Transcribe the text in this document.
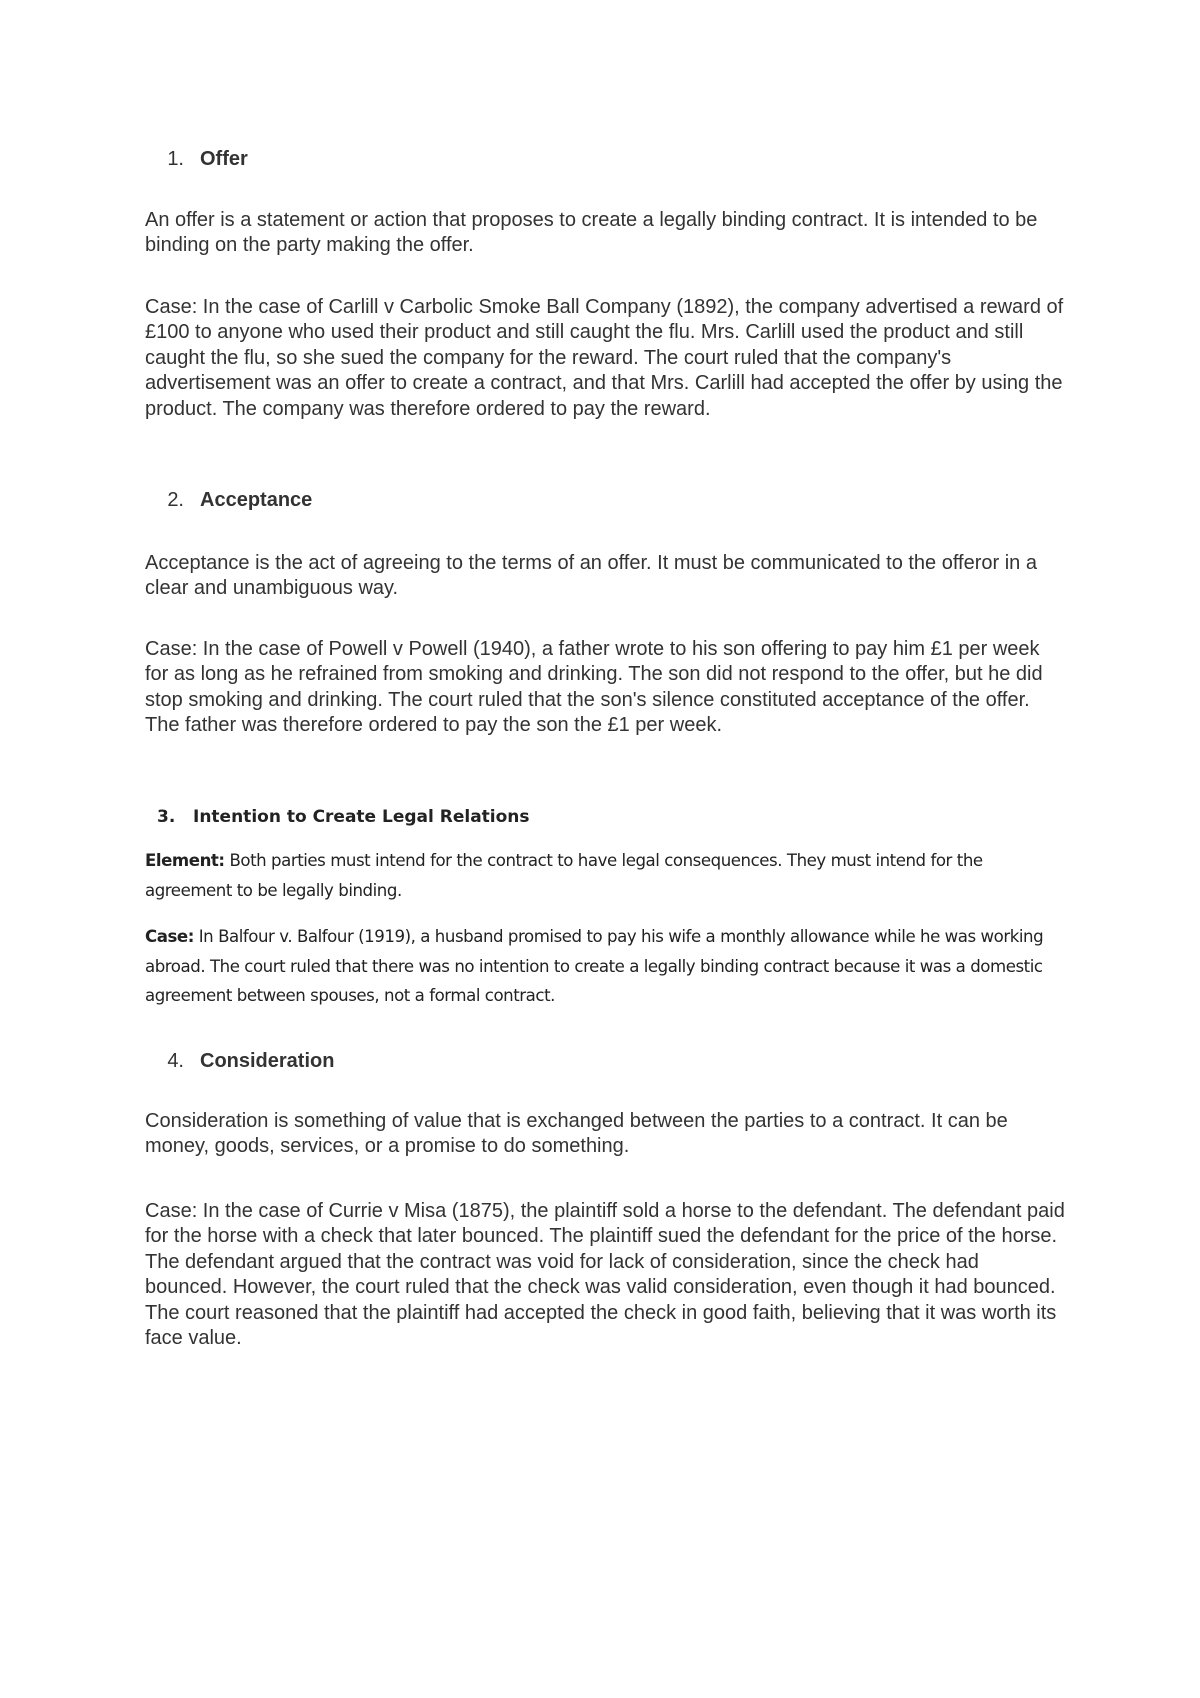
1. Offer

An offer is a statement or action that proposes to create a legally binding contract. It is intended to be binding on the party making the offer.

Case: In the case of Carlill v Carbolic Smoke Ball Company (1892), the company advertised a reward of £100 to anyone who used their product and still caught the flu. Mrs. Carlill used the product and still caught the flu, so she sued the company for the reward. The court ruled that the company's advertisement was an offer to create a contract, and that Mrs. Carlill had accepted the offer by using the product. The company was therefore ordered to pay the reward.

2. Acceptance

Acceptance is the act of agreeing to the terms of an offer. It must be communicated to the offeror in a clear and unambiguous way.

Case: In the case of Powell v Powell (1940), a father wrote to his son offering to pay him £1 per week for as long as he refrained from smoking and drinking. The son did not respond to the offer, but he did stop smoking and drinking. The court ruled that the son's silence constituted acceptance of the offer. The father was therefore ordered to pay the son the £1 per week.

3. Intention to Create Legal Relations

Element: Both parties must intend for the contract to have legal consequences. They must intend for the agreement to be legally binding.

Case: In Balfour v. Balfour (1919), a husband promised to pay his wife a monthly allowance while he was working abroad. The court ruled that there was no intention to create a legally binding contract because it was a domestic agreement between spouses, not a formal contract.

4. Consideration

Consideration is something of value that is exchanged between the parties to a contract. It can be money, goods, services, or a promise to do something.

Case: In the case of Currie v Misa (1875), the plaintiff sold a horse to the defendant. The defendant paid for the horse with a check that later bounced. The plaintiff sued the defendant for the price of the horse. The defendant argued that the contract was void for lack of consideration, since the check had bounced. However, the court ruled that the check was valid consideration, even though it had bounced. The court reasoned that the plaintiff had accepted the check in good faith, believing that it was worth its face value.
